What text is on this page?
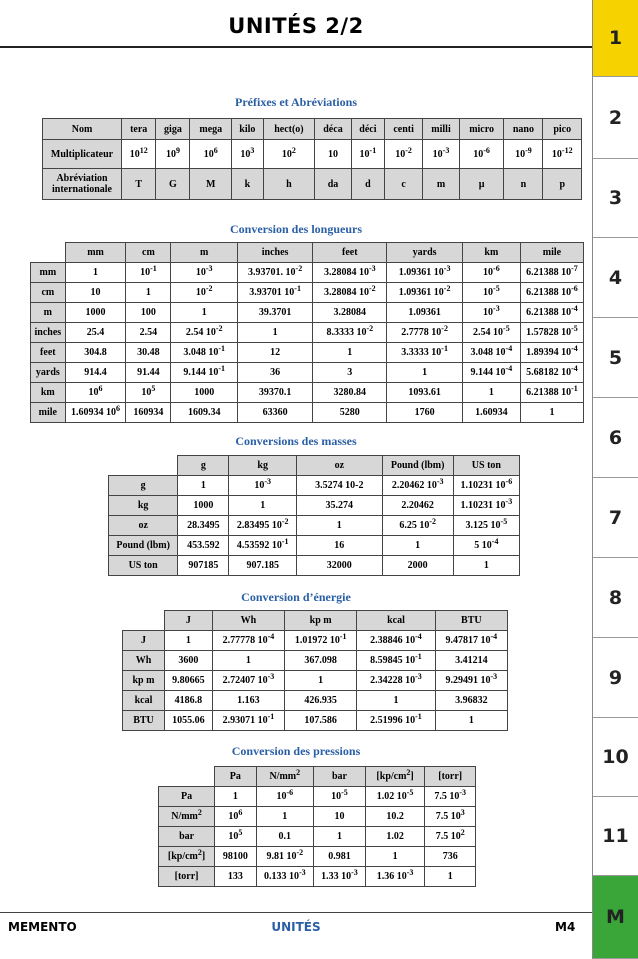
UNITÉS 2/2	1
2
3
4
5
6
7
8
9
10
11
M
Préfixes et Abréviations
Nom	tera	giga	mega	kilo	hect(o)	déca	déci	centi	milli	micro	nano	pico
Multiplicateur	$10^{12}$	$10^9$	$10^6$	$10^3$	$10^2$	10	$10^{-1}$	$10^{-2}$	$10^{-3}$	$10^{-6}$	$10^{-9}$	$10^{-12}$
Abréviation internationale	T	G	M	k	h	da	d	c	m	µ	n	p
Conversion des longueurs
	mm	cm	m	inches	feet	yards	km	mile
mm	1	$10^{-1}$	$10^{-3}$	3.93701. $10^{-2}$	3.28084 $10^{-3}$	1.09361 $10^{-3}$	$10^{-6}$	6.21388 $10^{-7}$
cm	10	1	$10^{-2}$	3.93701 $10^{-1}$	3.28084 $10^{-2}$	1.09361 $10^{-2}$	$10^{-5}$	6.21388 $10^{-6}$
m	1000	100	1	39.3701	3.28084	1.09361	$10^{-3}$	6.21388 $10^{-4}$
inches	25.4	2.54	2.54 $10^{-2}$	1	8.3333 $10^{-2}$	2.7778 $10^{-2}$	2.54 $10^{-5}$	1.57828 $10^{-5}$
feet	304.8	30.48	3.048 $10^{-1}$	12	1	3.3333 $10^{-1}$	3.048 $10^{-4}$	1.89394 $10^{-4}$
yards	914.4	91.44	9.144 $10^{-1}$	36	3	1	9.144 $10^{-4}$	5.68182 $10^{-4}$
km	$10^6$	$10^5$	1000	39370.1	3280.84	1093.61	1	6.21388 $10^{-1}$
mile	1.60934 $10^6$	160934	1609.34	63360	5280	1760	1.60934	1
Conversions des masses
	g	kg	oz	Pound (lbm)	US ton
g	1	$10^{-3}$	3.5274 10-2	2.20462 $10^{-3}$	1.10231 $10^{-6}$
kg	1000	1	35.274	2.20462	1.10231 $10^{-3}$
oz	28.3495	2.83495 $10^{-2}$	1	6.25 $10^{-2}$	3.125 $10^{-5}$
Pound (lbm)	453.592	4.53592 $10^{-1}$	16	1	5 $10^{-4}$
US ton	907185	907.185	32000	2000	1
Conversion d’énergie
	J	Wh	kp m	kcal	BTU
J	1	2.77778 $10^{-4}$	1.01972 $10^{-1}$	2.38846 $10^{-4}$	9.47817 $10^{-4}$
Wh	3600	1	367.098	8.59845 $10^{-1}$	3.41214
kp m	9.80665	2.72407 $10^{-3}$	1	2.34228 $10^{-3}$	9.29491 $10^{-3}$
kcal	4186.8	1.163	426.935	1	3.96832
BTU	1055.06	2.93071 $10^{-1}$	107.586	2.51996 $10^{-1}$	1
Conversion des pressions
	Pa	$N/mm^2$	bar	$[kp/cm^2]$	[torr]
Pa	1	$10^{-6}$	$10^{-5}$	1.02 $10^{-5}$	7.5 $10^{-3}$
$N/mm^2$	$10^6$	1	10	10.2	7.5 $10^3$
bar	$10^5$	0.1	1	1.02	7.5 $10^2$
$[kp/cm^2]$	98100	9.81 $10^{-2}$	0.981	1	736
[torr]	133	0.133 $10^{-3}$	1.33 $10^{-3}$	1.36 $10^{-3}$	1
MEMENTO	UNITÉS	M4
